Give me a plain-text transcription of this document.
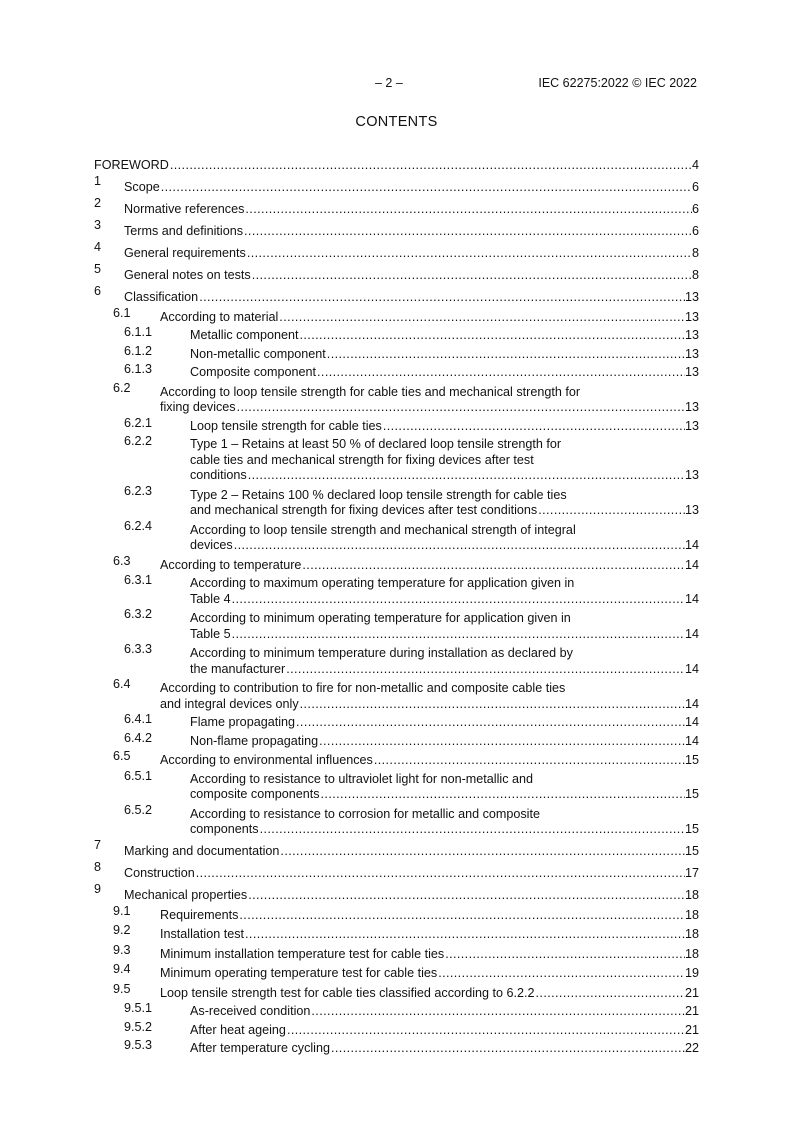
– 2 –	IEC 62275:2022 © IEC 2022
CONTENTS
FOREWORD .....	4
1 Scope .....	6
2 Normative references .....	6
3 Terms and definitions .....	6
4 General requirements .....	8
5 General notes on tests .....	8
6 Classification .....	13
6.1 According to material .....	13
6.1.1	Metallic component .....	13
6.1.2	Non-metallic component .....	13
6.1.3	Composite component .....	13
6.2 According to loop tensile strength for cable ties and mechanical strength for
fixing devices .....	13
6.2.1	Loop tensile strength for cable ties .....	13
6.2.2	Type 1 – Retains at least 50 % of declared loop tensile strength for
cable ties and mechanical strength for fixing devices after test
conditions .....	13
6.2.3	Type 2 – Retains 100 % declared loop tensile strength for cable ties
and mechanical strength for fixing devices after test conditions .....	13
6.2.4	According to loop tensile strength and mechanical strength of integral
devices .....	14
6.3 According to temperature .....	14
6.3.1	According to maximum operating temperature for application given in
Table 4 .....	14
6.3.2	According to minimum operating temperature for application given in
Table 5 .....	14
6.3.3	According to minimum temperature during installation as declared by
the manufacturer .....	14
6.4 According to contribution to fire for non-metallic and composite cable ties
and integral devices only .....	14
6.4.1	Flame propagating .....	14
6.4.2	Non-flame propagating .....	14
6.5 According to environmental influences .....	15
6.5.1	According to resistance to ultraviolet light for non-metallic and
composite components .....	15
6.5.2	According to resistance to corrosion for metallic and composite
components .....	15
7 Marking and documentation .....	15
8 Construction .....	17
9 Mechanical properties .....	18
9.1 Requirements .....	18
9.2 Installation test .....	18
9.3 Minimum installation temperature test for cable ties .....	18
9.4 Minimum operating temperature test for cable ties .....	19
9.5 Loop tensile strength test for cable ties classified according to 6.2.2 .....	21
9.5.1	As-received condition .....	21
9.5.2	After heat ageing .....	21
9.5.3	After temperature cycling .....	22
